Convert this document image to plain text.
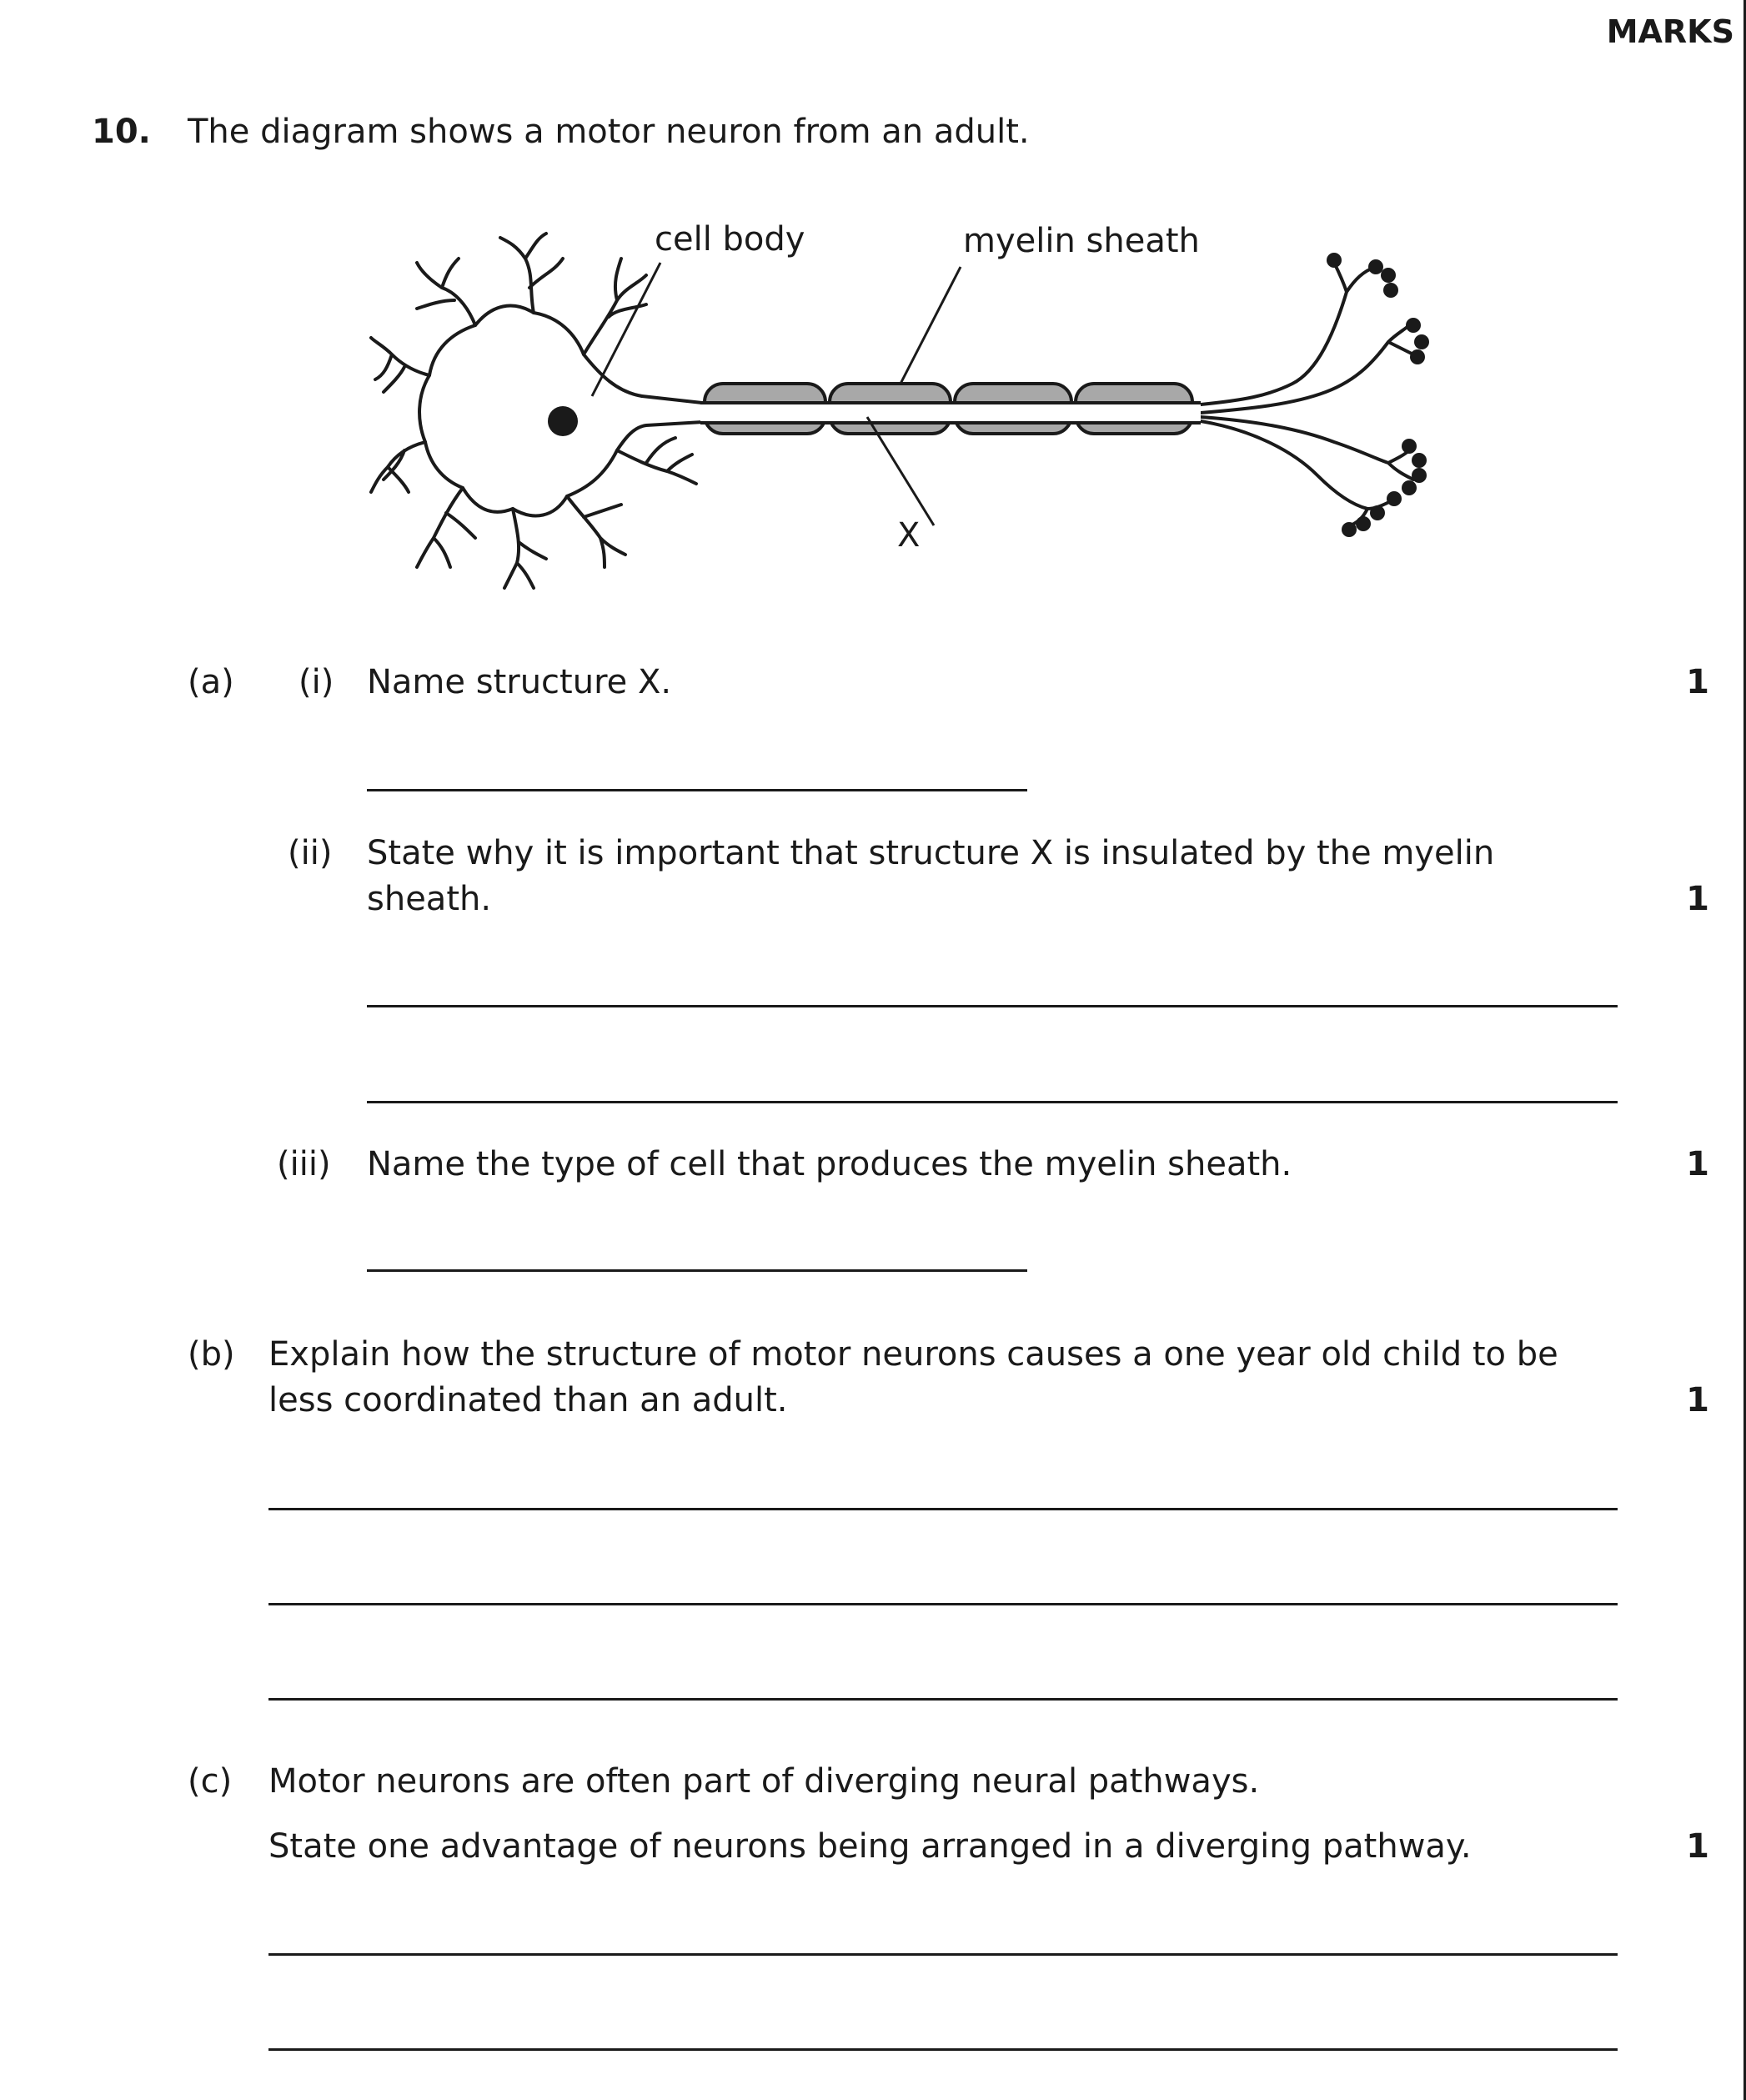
MARKS
10. The diagram shows a motor neuron from an adult.
cell body	myelin sheath
X
(a) (i) Name structure X.	1
(ii) State why it is important that structure X is insulated by the myelin
sheath.	1
(iii) Name the type of cell that produces the myelin sheath.	1
(b) Explain how the structure of motor neurons causes a one year old child to be
less coordinated than an adult.	1
(c) Motor neurons are often part of diverging neural pathways.
State one advantage of neurons being arranged in a diverging pathway.	1
